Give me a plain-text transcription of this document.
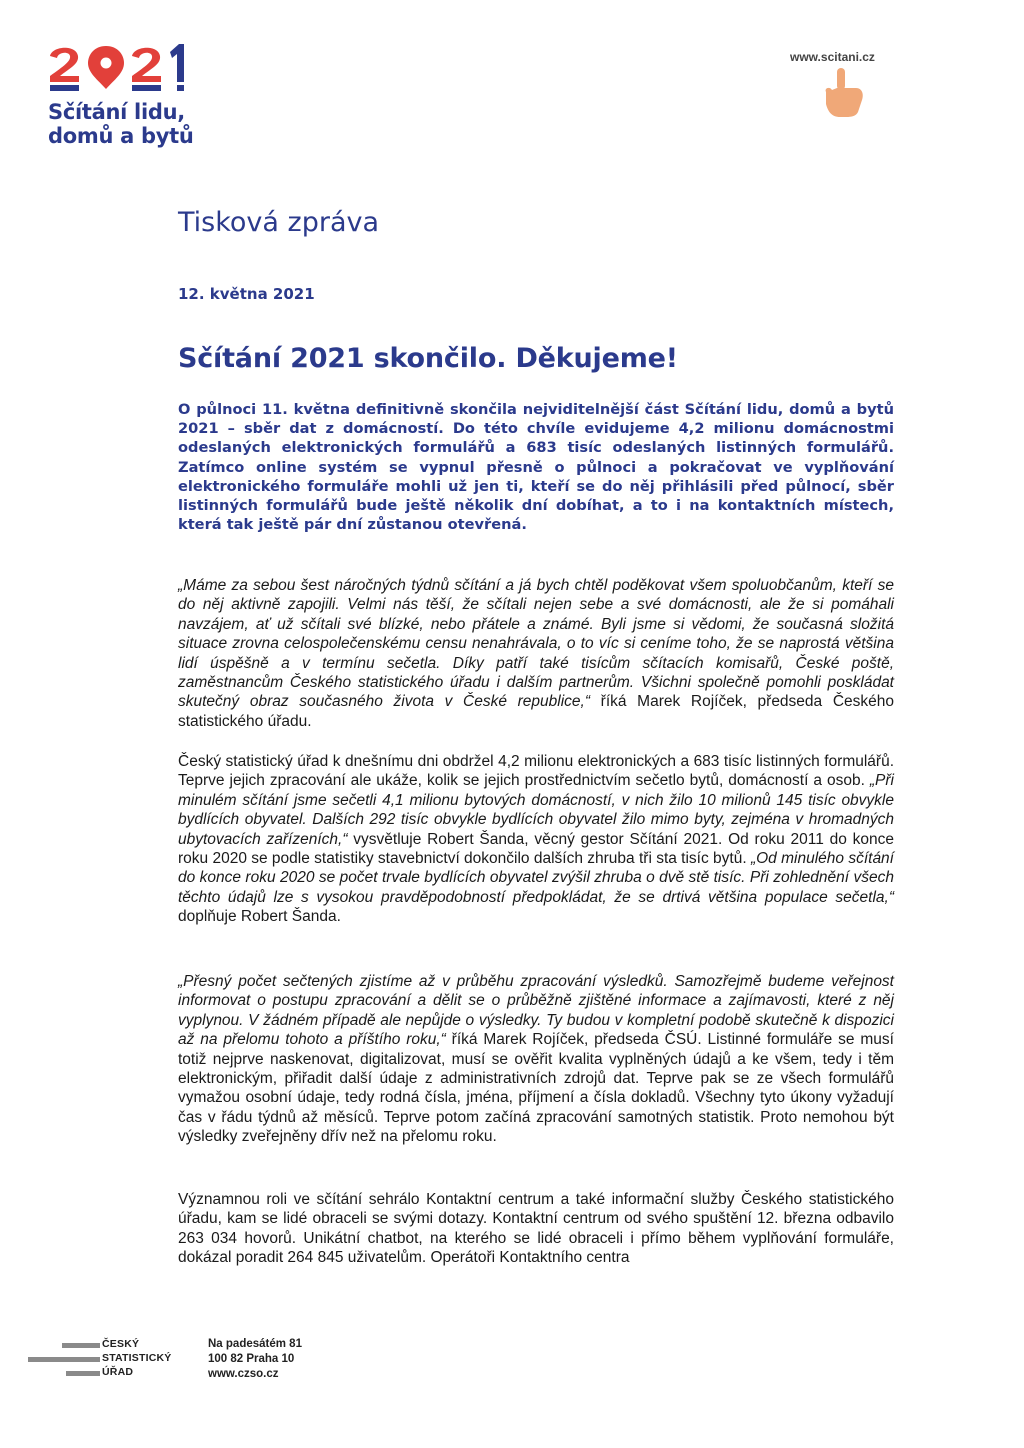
Sčítání lidu,
domů a bytů
www.scitani.cz
Tisková zpráva
12. května 2021
Sčítání 2021 skončilo. Děkujeme!
O půlnoci 11. května definitivně skončila nejviditelnější část Sčítání lidu, domů a bytů 2021 – sběr dat z domácností. Do této chvíle evidujeme 4,2 milionu domácnostmi odeslaných elektronických formulářů a 683 tisíc odeslaných listinných formulářů. Zatímco online systém se vypnul přesně o půlnoci a pokračovat ve vyplňování elektronického formuláře mohli už jen ti, kteří se do něj přihlásili před půlnocí, sběr listinných formulářů bude ještě několik dní dobíhat, a to i na kontaktních místech, která tak ještě pár dní zůstanou otevřená.
„Máme za sebou šest náročných týdnů sčítání a já bych chtěl poděkovat všem spoluobčanům, kteří se do něj aktivně zapojili. Velmi nás těší, že sčítali nejen sebe a své domácnosti, ale že si pomáhali navzájem, ať už sčítali své blízké, nebo přátele a známé. Byli jsme si vědomi, že současná složitá situace zrovna celospolečenskému censu nenahrávala, o to víc si ceníme toho, že se naprostá většina lidí úspěšně a v termínu sečetla. Díky patří také tisícům sčítacích komisařů, České poště, zaměstnancům Českého statistického úřadu i dalším partnerům. Všichni společně pomohli poskládat skutečný obraz současného života v České republice,“ říká Marek Rojíček, předseda Českého statistického úřadu.
Český statistický úřad k dnešnímu dni obdržel 4,2 milionu elektronických a 683 tisíc listinných formulářů. Teprve jejich zpracování ale ukáže, kolik se jejich prostřednictvím sečetlo bytů, domácností a osob. „Při minulém sčítání jsme sečetli 4,1 milionu bytových domácností, v nich žilo 10 milionů 145 tisíc obvykle bydlících obyvatel. Dalších 292 tisíc obvykle bydlících obyvatel žilo mimo byty, zejména v hromadných ubytovacích zařízeních,“ vysvětluje Robert Šanda, věcný gestor Sčítání 2021. Od roku 2011 do konce roku 2020 se podle statistiky stavebnictví dokončilo dalších zhruba tři sta tisíc bytů. „Od minulého sčítání do konce roku 2020 se počet trvale bydlících obyvatel zvýšil zhruba o dvě stě tisíc. Při zohlednění všech těchto údajů lze s vysokou pravděpodobností předpokládat, že se drtivá většina populace sečetla,“ doplňuje Robert Šanda.
„Přesný počet sečtených zjistíme až v průběhu zpracování výsledků. Samozřejmě budeme veřejnost informovat o postupu zpracování a dělit se o průběžně zjištěné informace a zajímavosti, které z něj vyplynou. V žádném případě ale nepůjde o výsledky. Ty budou v kompletní podobě skutečně k dispozici až na přelomu tohoto a příštího roku,“ říká Marek Rojíček, předseda ČSÚ. Listinné formuláře se musí totiž nejprve naskenovat, digitalizovat, musí se ověřit kvalita vyplněných údajů a ke všem, tedy i těm elektronickým, přiřadit další údaje z administrativních zdrojů dat. Teprve pak se ze všech formulářů vymažou osobní údaje, tedy rodná čísla, jména, příjmení a čísla dokladů. Všechny tyto úkony vyžadují čas v řádu týdnů až měsíců. Teprve potom začíná zpracování samotných statistik. Proto nemohou být výsledky zveřejněny dřív než na přelomu roku.
Významnou roli ve sčítání sehrálo Kontaktní centrum a také informační služby Českého statistického úřadu, kam se lidé obraceli se svými dotazy. Kontaktní centrum od svého spuštění 12. března odbavilo 263 034 hovorů. Unikátní chatbot, na kterého se lidé obraceli i přímo během vyplňování formuláře, dokázal poradit 264 845 uživatelům. Operátoři Kontaktního centra
ČESKÝ
STATISTICKÝ
ÚŘAD
Na padesátém 81
100 82 Praha 10
www.czso.cz
